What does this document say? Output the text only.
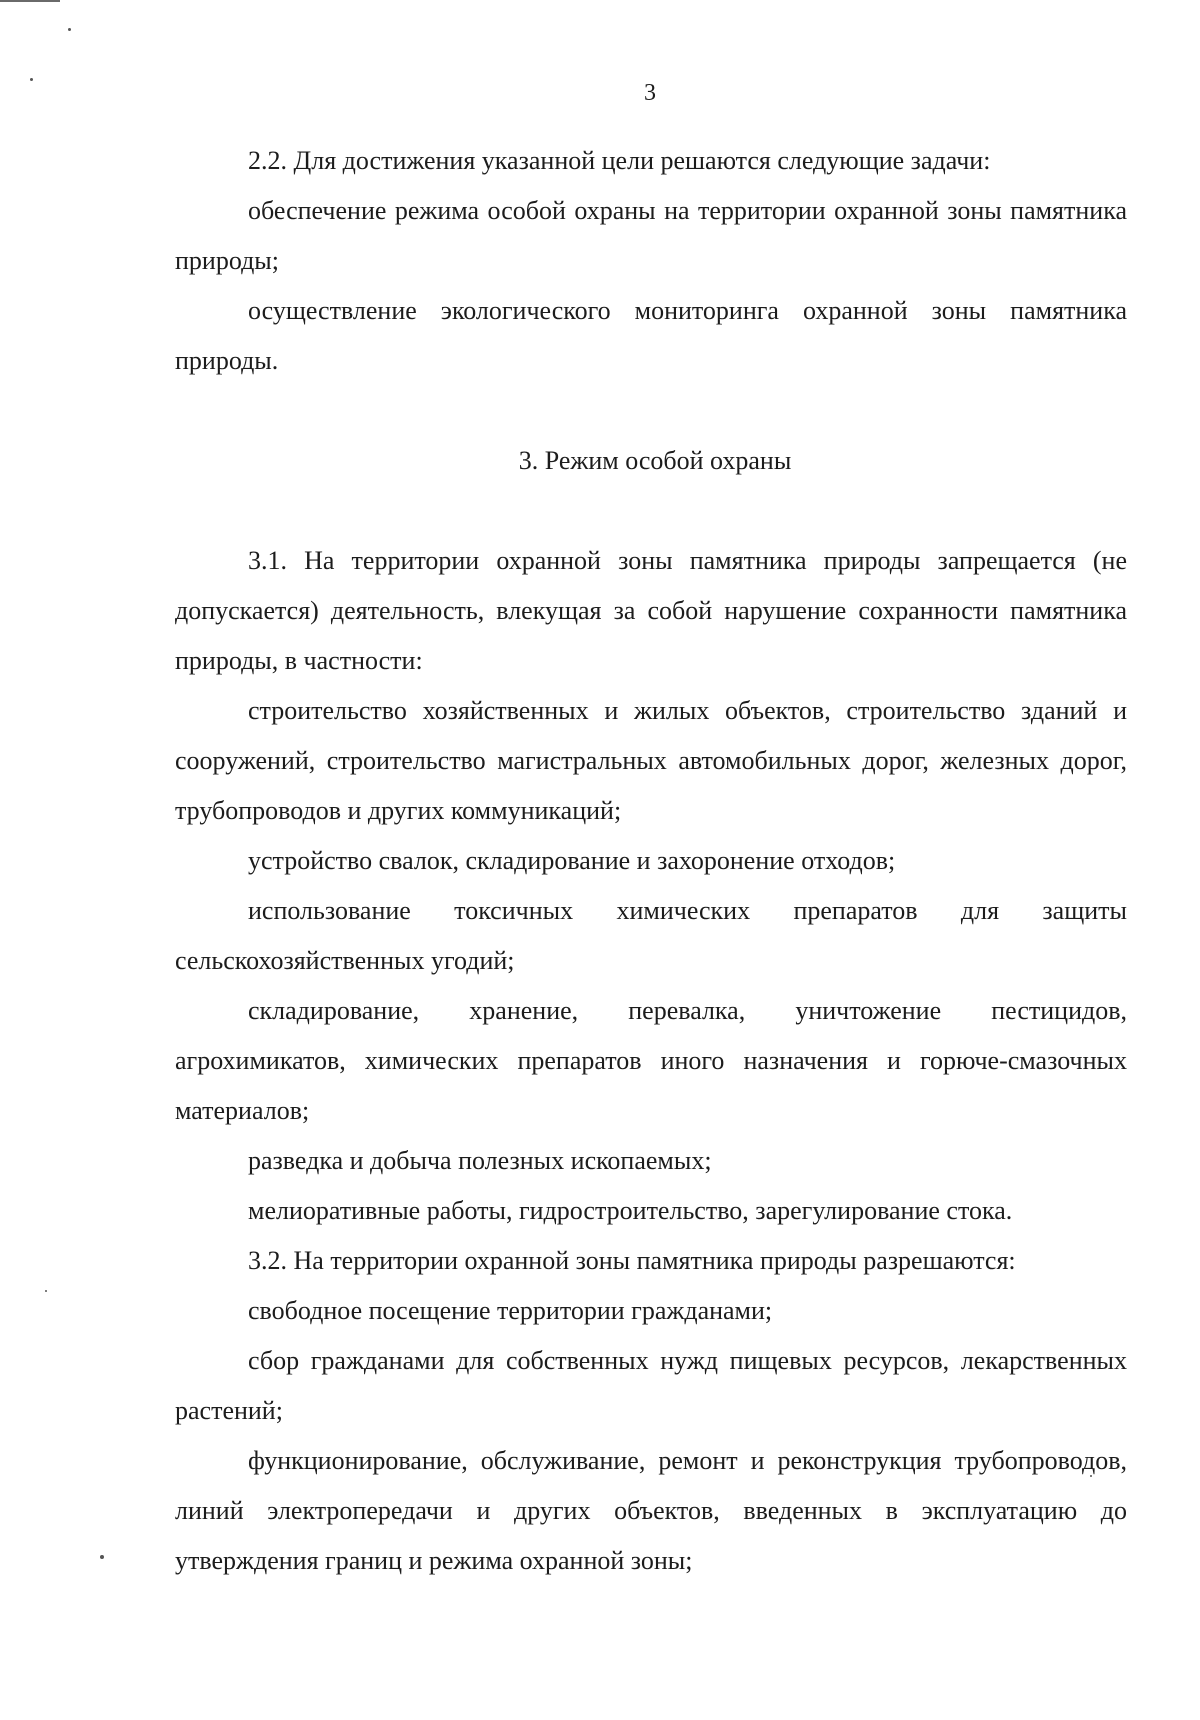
3

2.2. Для достижения указанной цели решаются следующие задачи:

обеспечение режима особой охраны на территории охранной зоны памятника природы;

осуществление экологического мониторинга охранной зоны памятника природы.

3. Режим особой охраны

3.1. На территории охранной зоны памятника природы запрещается (не допускается) деятельность, влекущая за собой нарушение сохранности памятника природы, в частности:

строительство хозяйственных и жилых объектов, строительство зданий и сооружений, строительство магистральных автомобильных дорог, железных дорог, трубопроводов и других коммуникаций;

устройство свалок, складирование и захоронение отходов;

использование токсичных химических препаратов для защиты сельскохозяйственных угодий;

складирование, хранение, перевалка, уничтожение пестицидов, агрохимикатов, химических препаратов иного назначения и горюче-смазочных материалов;

разведка и добыча полезных ископаемых;

мелиоративные работы, гидростроительство, зарегулирование стока.

3.2. На территории охранной зоны памятника природы разрешаются:

свободное посещение территории гражданами;

сбор гражданами для собственных нужд пищевых ресурсов, лекарственных растений;

функционирование, обслуживание, ремонт и реконструкция трубопроводов, линий электропередачи и других объектов, введенных в эксплуатацию до утверждения границ и режима охранной зоны;
